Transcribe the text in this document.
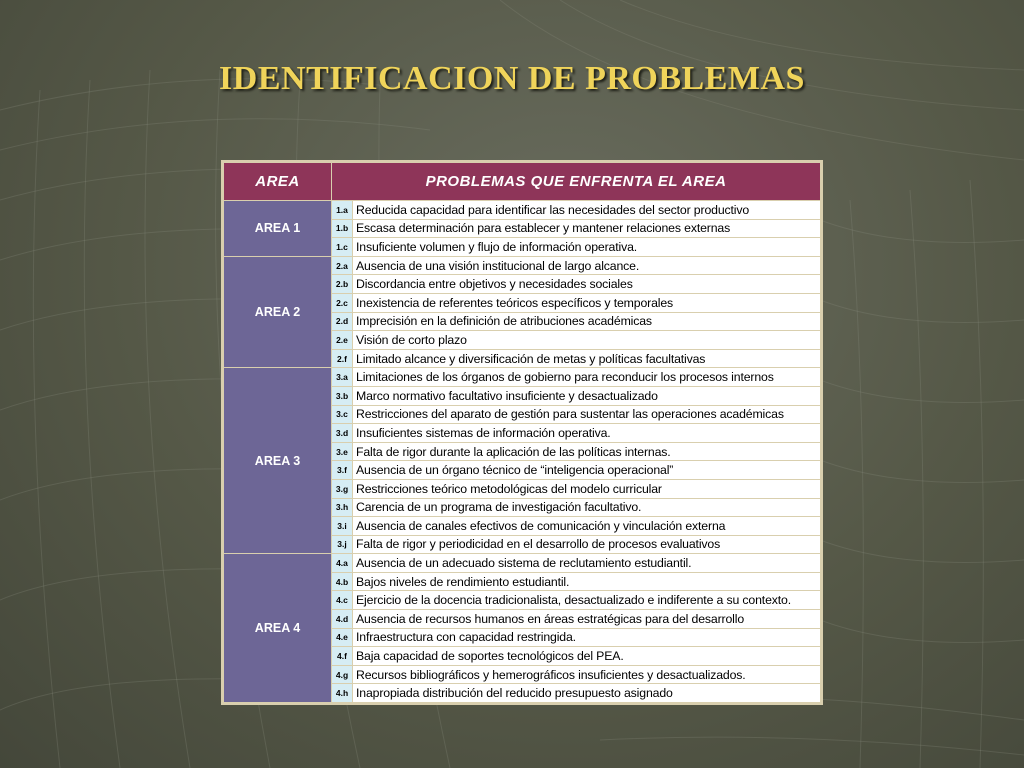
IDENTIFICACION DE PROBLEMAS
AREA	PROBLEMAS QUE ENFRENTA EL AREA	
AREA 1	1.a	Reducida capacidad para identificar las necesidades del sector productivo
	1.b	Escasa determinación para establecer y mantener relaciones externas
	1.c	Insuficiente volumen y flujo de información operativa.
AREA 2	2.a	Ausencia de una visión institucional de largo alcance.
	2.b	Discordancia entre objetivos y necesidades sociales
	2.c	Inexistencia de referentes teóricos específicos y temporales
	2.d	Imprecisión en la definición de atribuciones académicas
	2.e	Visión de corto plazo
	2.f	Limitado alcance y diversificación de metas y políticas facultativas
AREA 3	3.a	Limitaciones de los órganos de gobierno para reconducir los procesos internos
	3.b	Marco normativo facultativo insuficiente y desactualizado
	3.c	Restricciones del aparato de gestión para sustentar las operaciones académicas
	3.d	Insuficientes sistemas de información operativa.
	3.e	Falta de rigor durante la aplicación de las políticas internas.
	3.f	Ausencia de un órgano técnico de “inteligencia operacional”
	3.g	Restricciones teórico metodológicas del modelo curricular
	3.h	Carencia de un programa de investigación facultativo.
	3.i	Ausencia de canales efectivos de comunicación y vinculación externa
	3.j	Falta de rigor y periodicidad en el desarrollo de procesos evaluativos
AREA 4	4.a	Ausencia de un adecuado sistema de reclutamiento estudiantil.
	4.b	Bajos niveles de rendimiento estudiantil.
	4.c	Ejercicio de la docencia tradicionalista, desactualizado e indiferente a su contexto.
	4.d	Ausencia de recursos humanos en áreas estratégicas para del desarrollo
	4.e	Infraestructura con capacidad restringida.
	4.f	Baja capacidad de soportes tecnológicos del PEA.
	4.g	Recursos bibliográficos y hemerográficos insuficientes y desactualizados.
	4.h	Inapropiada distribución del reducido presupuesto asignado
